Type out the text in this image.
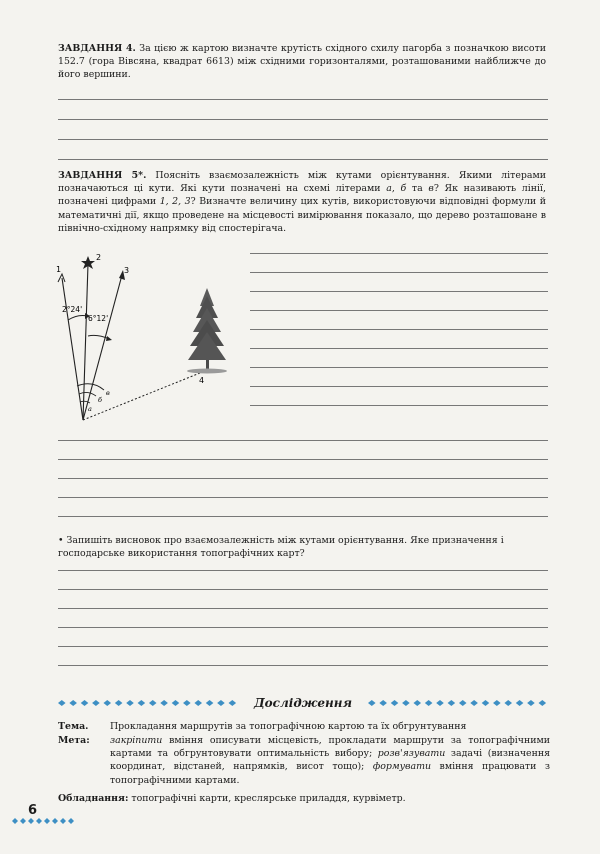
ЗАВДАННЯ 4. За цією ж картою визначте крутість східного схилу пагорба з позначкою висоти 152.7 (гора Вівсяна, квадрат 6613) між східними горизонталями, розташованими найближче до його вершини.

ЗАВДАННЯ 5*. Поясніть взаємозалежність між кутами орієнтування. Якими літерами позначаються ці кути. Які кути позначені на схемі літерами а, б та в? Як називають лінії, позначені цифрами 1, 2, 3? Визначте величину цих кутів, використовуючи відповідні формули й математичні дії, якщо проведене на місцевості вимірювання показало, що дерево розташоване в північно-східному напрямку від спостерігача.

1
2
3
2°24'
6°12'
а
б
в
4

• Запишіть висновок про взаємозалежність між кутами орієнтування. Яке призначення і господарське використання топографічних карт?

Дослідження
Тема. Прокладання маршрутів за топографічною картою та їх обгрунтування
Мета: закріпити вміння описувати місцевість, прокладати маршрути за топографічними картами та обгрунтовувати оптимальність вибору; розв'язувати задачі (визначення координат, відстаней, напрямків, висот тощо); формувати вміння працювати з топографічними картами.
Обладнання: топографічні карти, креслярське приладдя, курвіметр.
6
